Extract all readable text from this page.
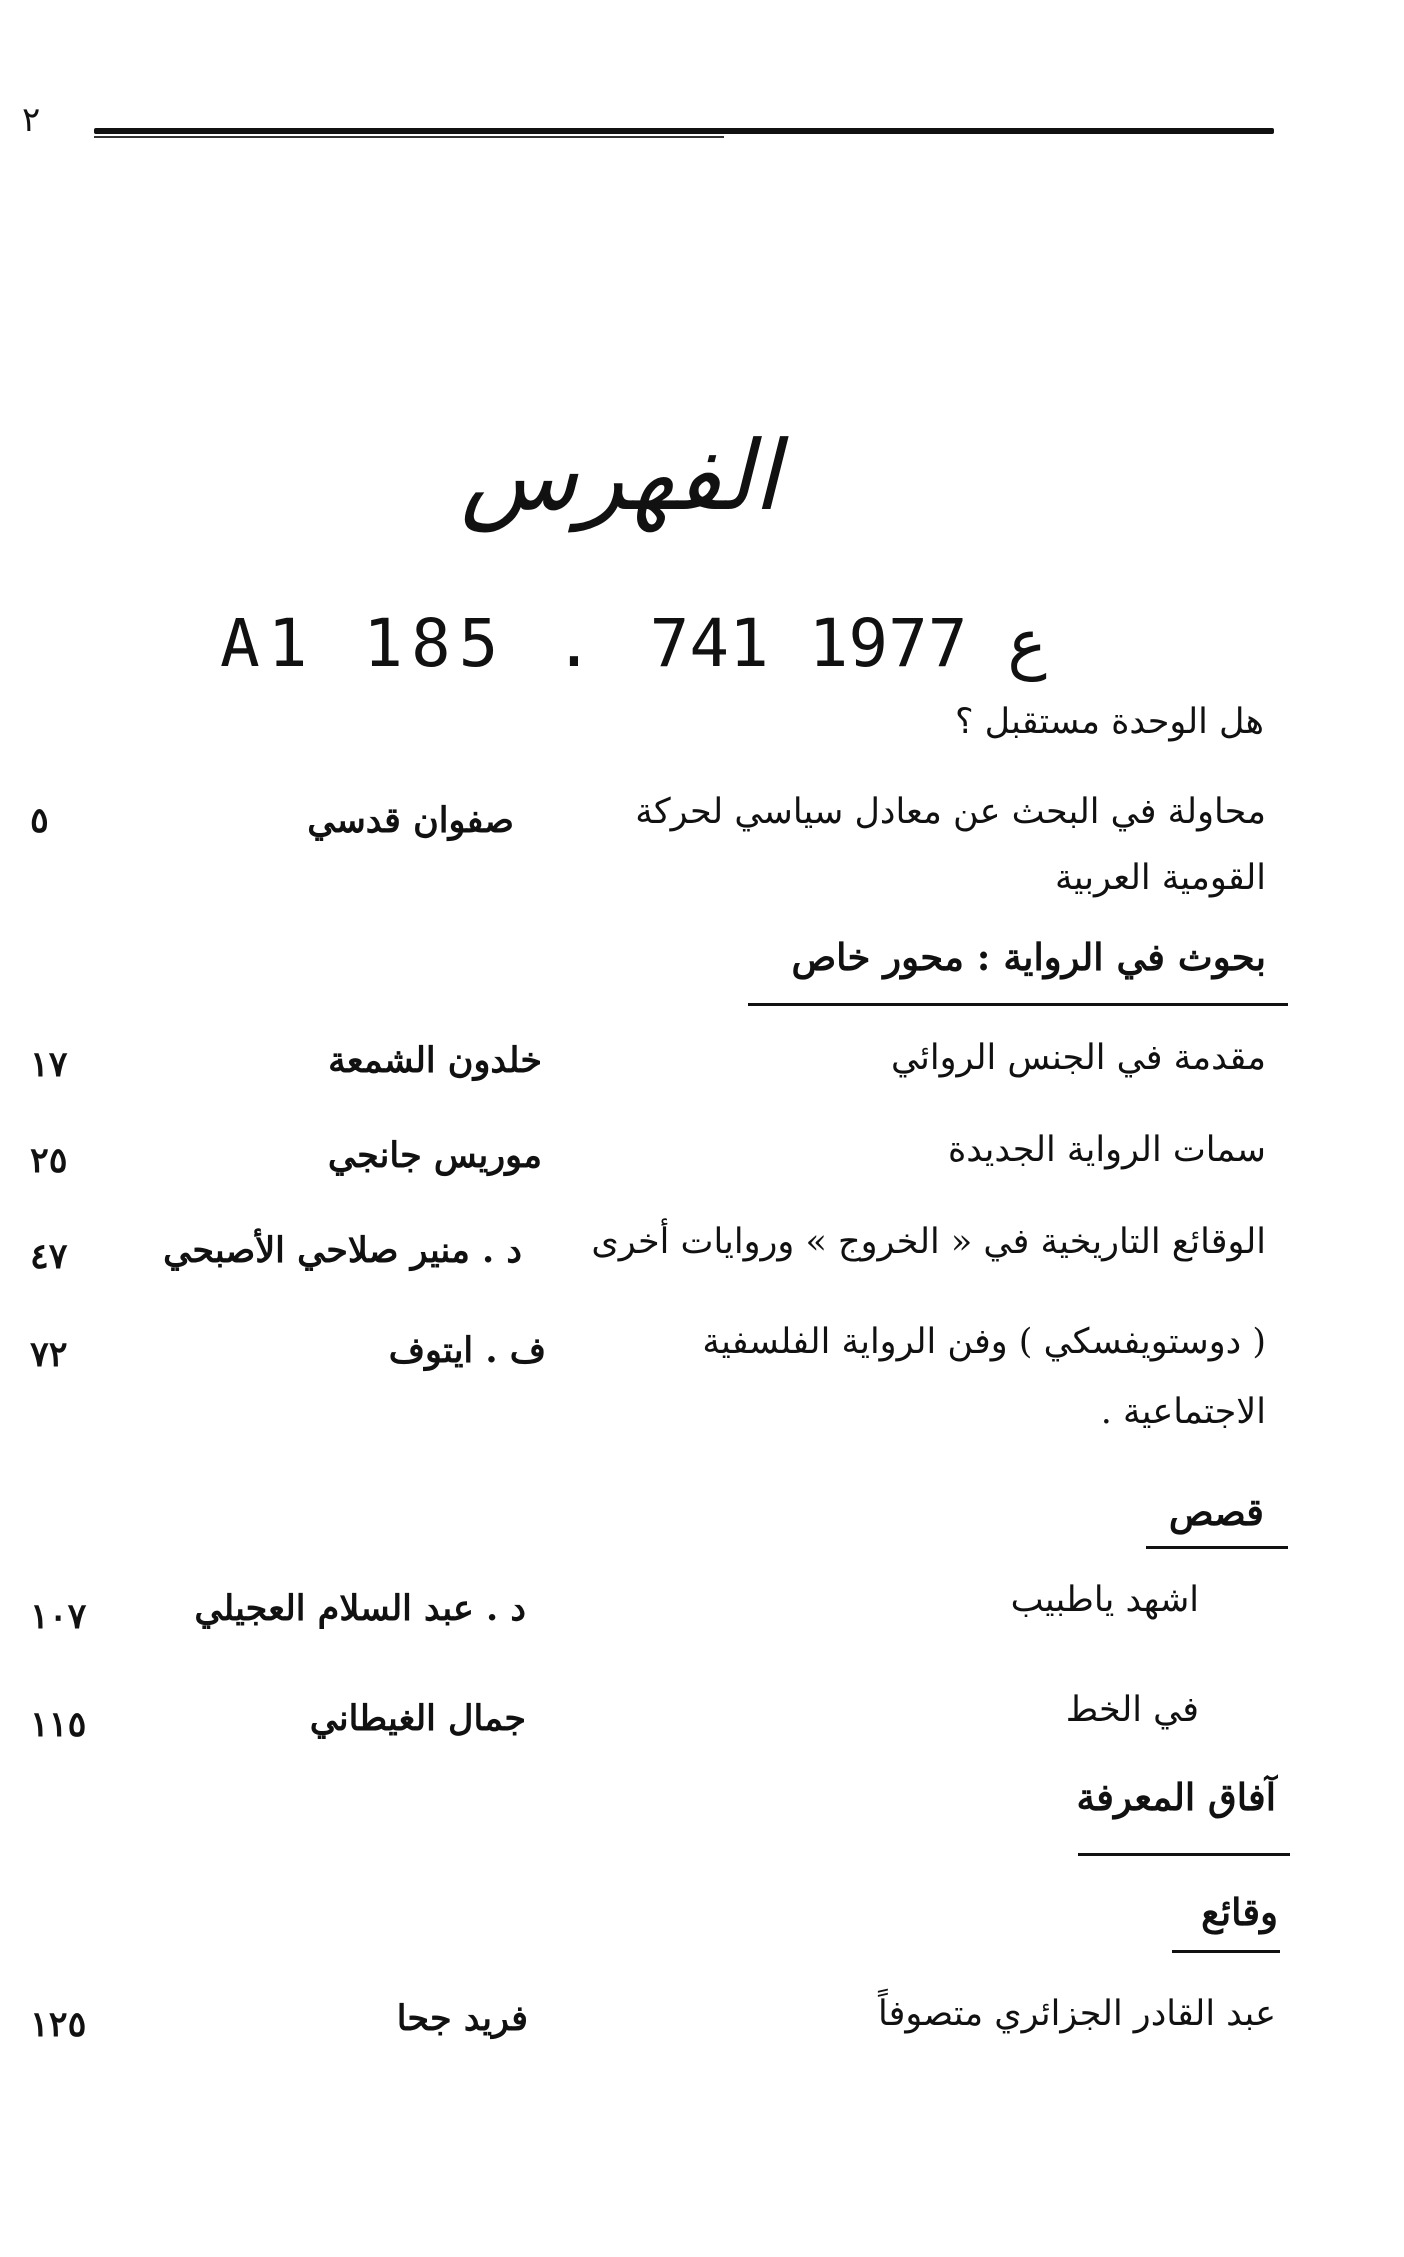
٢
الفهرس
A1 185 . ع 1977 741
هل الوحدة مستقبل ؟
محاولة في البحث عن معادل سياسي لحركة
القومية العربية
صفوان قدسي
٥
بحوث في الرواية : محور خاص
مقدمة في الجنس الروائي
خلدون الشمعة
١٧
سمات الرواية الجديدة
موريس جانجي
٢٥
الوقائع التاريخية في « الخروج » وروايات أخرى
د . منير صلاحي الأصبحي
٤٧
( دوستويفسكي ) وفن الرواية الفلسفية
الاجتماعية .
ف . ايتوف
٧٢
قصص
اشهد ياطبيب
د . عبد السلام العجيلي
١٠٧
في الخط
جمال الغيطاني
١١٥
آفاق المعرفة
وقائع
عبد القادر الجزائري متصوفاً
فريد جحا
١٢٥
